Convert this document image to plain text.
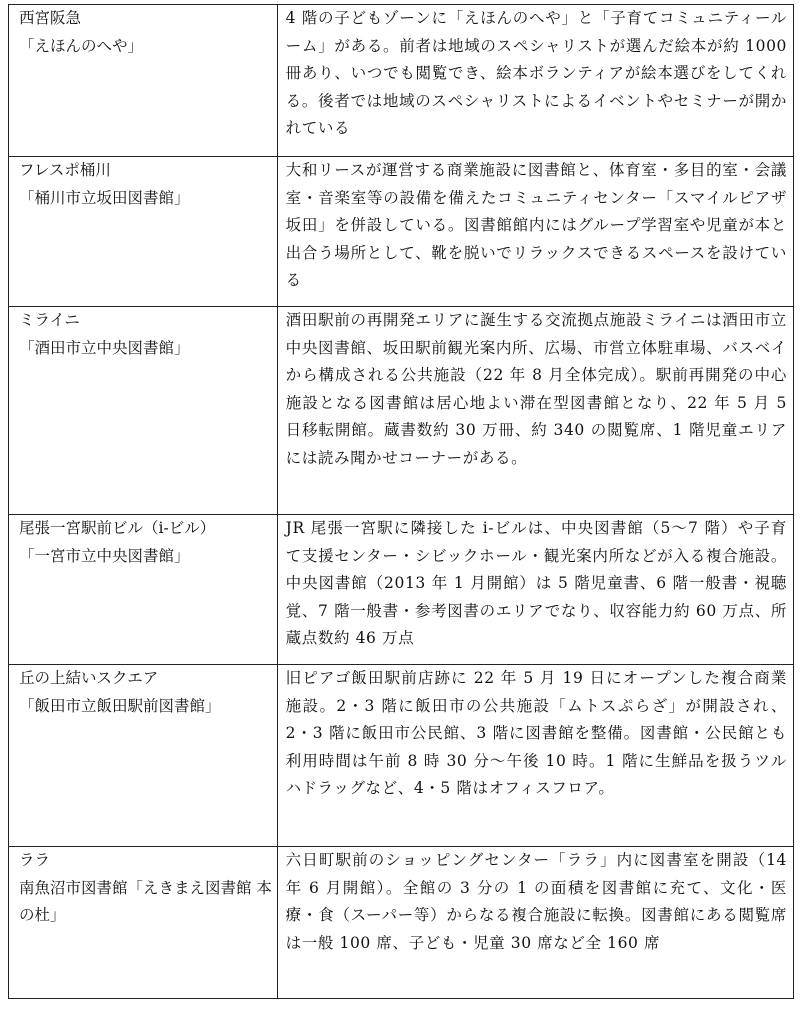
西宮阪急
「えほんのへや」	4 階の子どもゾーンに「えほんのへや」と「子育てコミュニティールーム」がある。前者は地域のスペシャリストが選んだ絵本が約 1000 冊あり、いつでも閲覧でき、絵本ボランティアが絵本選びをしてくれる。後者では地域のスペシャリストによるイベントやセミナーが開かれている

フレスポ桶川
「桶川市立坂田図書館」	大和リースが運営する商業施設に図書館と、体育室・多目的室・会議室・音楽室等の設備を備えたコミュニティセンター「スマイルピアザ坂田」を併設している。図書館館内にはグループ学習室や児童が本と出合う場所として、靴を脱いでリラックスできるスペースを設けている

ミライニ
「酒田市立中央図書館」	酒田駅前の再開発エリアに誕生する交流拠点施設ミライニは酒田市立中央図書館、坂田駅前観光案内所、広場、市営立体駐車場、バスベイから構成される公共施設（22 年 8 月全体完成）。駅前再開発の中心施設となる図書館は居心地よい滞在型図書館となり、22 年 5 月 5 日移転開館。蔵書数約 30 万冊、約 340 の閲覧席、1 階児童エリアには読み聞かせコーナーがある。

尾張一宮駅前ビル（i-ビル）
「一宮市立中央図書館」	JR 尾張一宮駅に隣接した i-ビルは、中央図書館（5～7 階）や子育て支援センター・シビックホール・観光案内所などが入る複合施設。中央図書館（2013 年 1 月開館）は 5 階児童書、6 階一般書・視聴覚、7 階一般書・参考図書のエリアでなり、収容能力約 60 万点、所蔵点数約 46 万点

丘の上結いスクエア
「飯田市立飯田駅前図書館」	旧ピアゴ飯田駅前店跡に 22 年 5 月 19 日にオープンした複合商業施設。2・3 階に飯田市の公共施設「ムトスぷらざ」が開設され、2・3 階に飯田市公民館、3 階に図書館を整備。図書館・公民館とも利用時間は午前 8 時 30 分～午後 10 時。1 階に生鮮品を扱うツルハドラッグなど、4・5 階はオフィスフロア。

ララ
南魚沼市図書館「えきまえ図書館 本の杜」	六日町駅前のショッピングセンター「ララ」内に図書室を開設（14 年 6 月開館）。全館の 3 分の 1 の面積を図書館に充て、文化・医療・食（スーパー等）からなる複合施設に転換。図書館にある閲覧席は一般 100 席、子ども・児童 30 席など全 160 席
